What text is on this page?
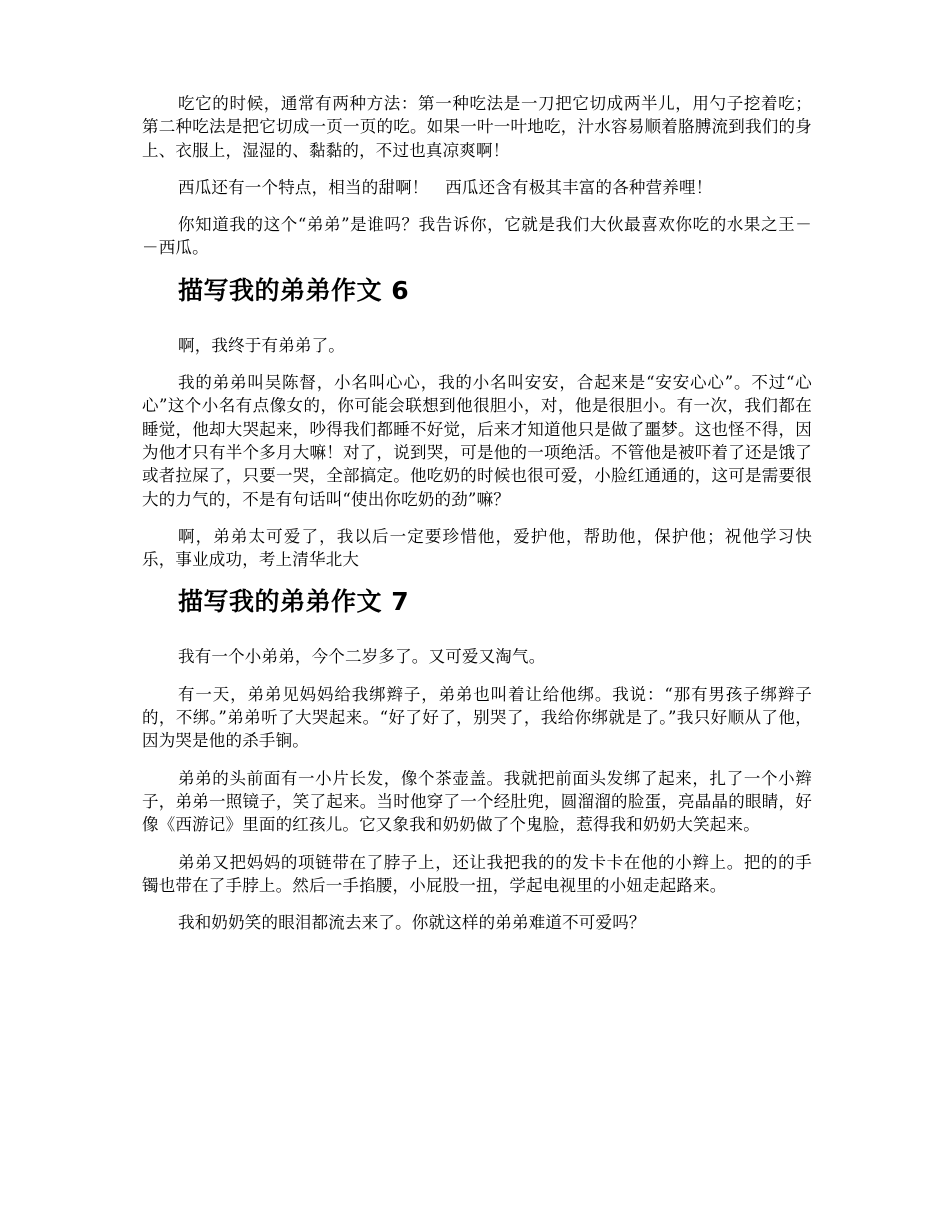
吃它的时候，通常有两种方法：第一种吃法是一刀把它切成两半儿，用勺子挖着吃；第二种吃法是把它切成一页一页的吃。如果一叶一叶地吃，汁水容易顺着胳膊流到我们的身上、衣服上，湿湿的、黏黏的，不过也真凉爽啊！

西瓜还有一个特点，相当的甜啊！　西瓜还含有极其丰富的各种营养哩！

你知道我的这个“弟弟”是谁吗？我告诉你，它就是我们大伙最喜欢你吃的水果之王－－西瓜。

描写我的弟弟作文 6

啊，我终于有弟弟了。

我的弟弟叫吴陈督，小名叫心心，我的小名叫安安，合起来是“安安心心”。不过“心心”这个小名有点像女的，你可能会联想到他很胆小，对，他是很胆小。有一次，我们都在睡觉，他却大哭起来，吵得我们都睡不好觉，后来才知道他只是做了噩梦。这也怪不得，因为他才只有半个多月大嘛！对了，说到哭，可是他的一项绝活。不管他是被吓着了还是饿了或者拉屎了，只要一哭，全部搞定。他吃奶的时候也很可爱，小脸红通通的，这可是需要很大的力气的，不是有句话叫“使出你吃奶的劲”嘛？

啊，弟弟太可爱了，我以后一定要珍惜他，爱护他，帮助他，保护他；祝他学习快乐，事业成功，考上清华北大

描写我的弟弟作文 7

我有一个小弟弟，今个二岁多了。又可爱又淘气。

有一天，弟弟见妈妈给我绑辫子，弟弟也叫着让给他绑。我说：“那有男孩子绑辫子的，不绑。”弟弟听了大哭起来。“好了好了，别哭了，我给你绑就是了。”我只好顺从了他，因为哭是他的杀手锏。

弟弟的头前面有一小片长发，像个茶壶盖。我就把前面头发绑了起来，扎了一个小辫子，弟弟一照镜子，笑了起来。当时他穿了一个经肚兜，圆溜溜的脸蛋，亮晶晶的眼睛，好像《西游记》里面的红孩儿。它又象我和奶奶做了个鬼脸，惹得我和奶奶大笑起来。

弟弟又把妈妈的项链带在了脖子上，还让我把我的的发卡卡在他的小辫上。把的的手镯也带在了手脖上。然后一手掐腰，小屁股一扭，学起电视里的小妞走起路来。

我和奶奶笑的眼泪都流去来了。你就这样的弟弟难道不可爱吗？
